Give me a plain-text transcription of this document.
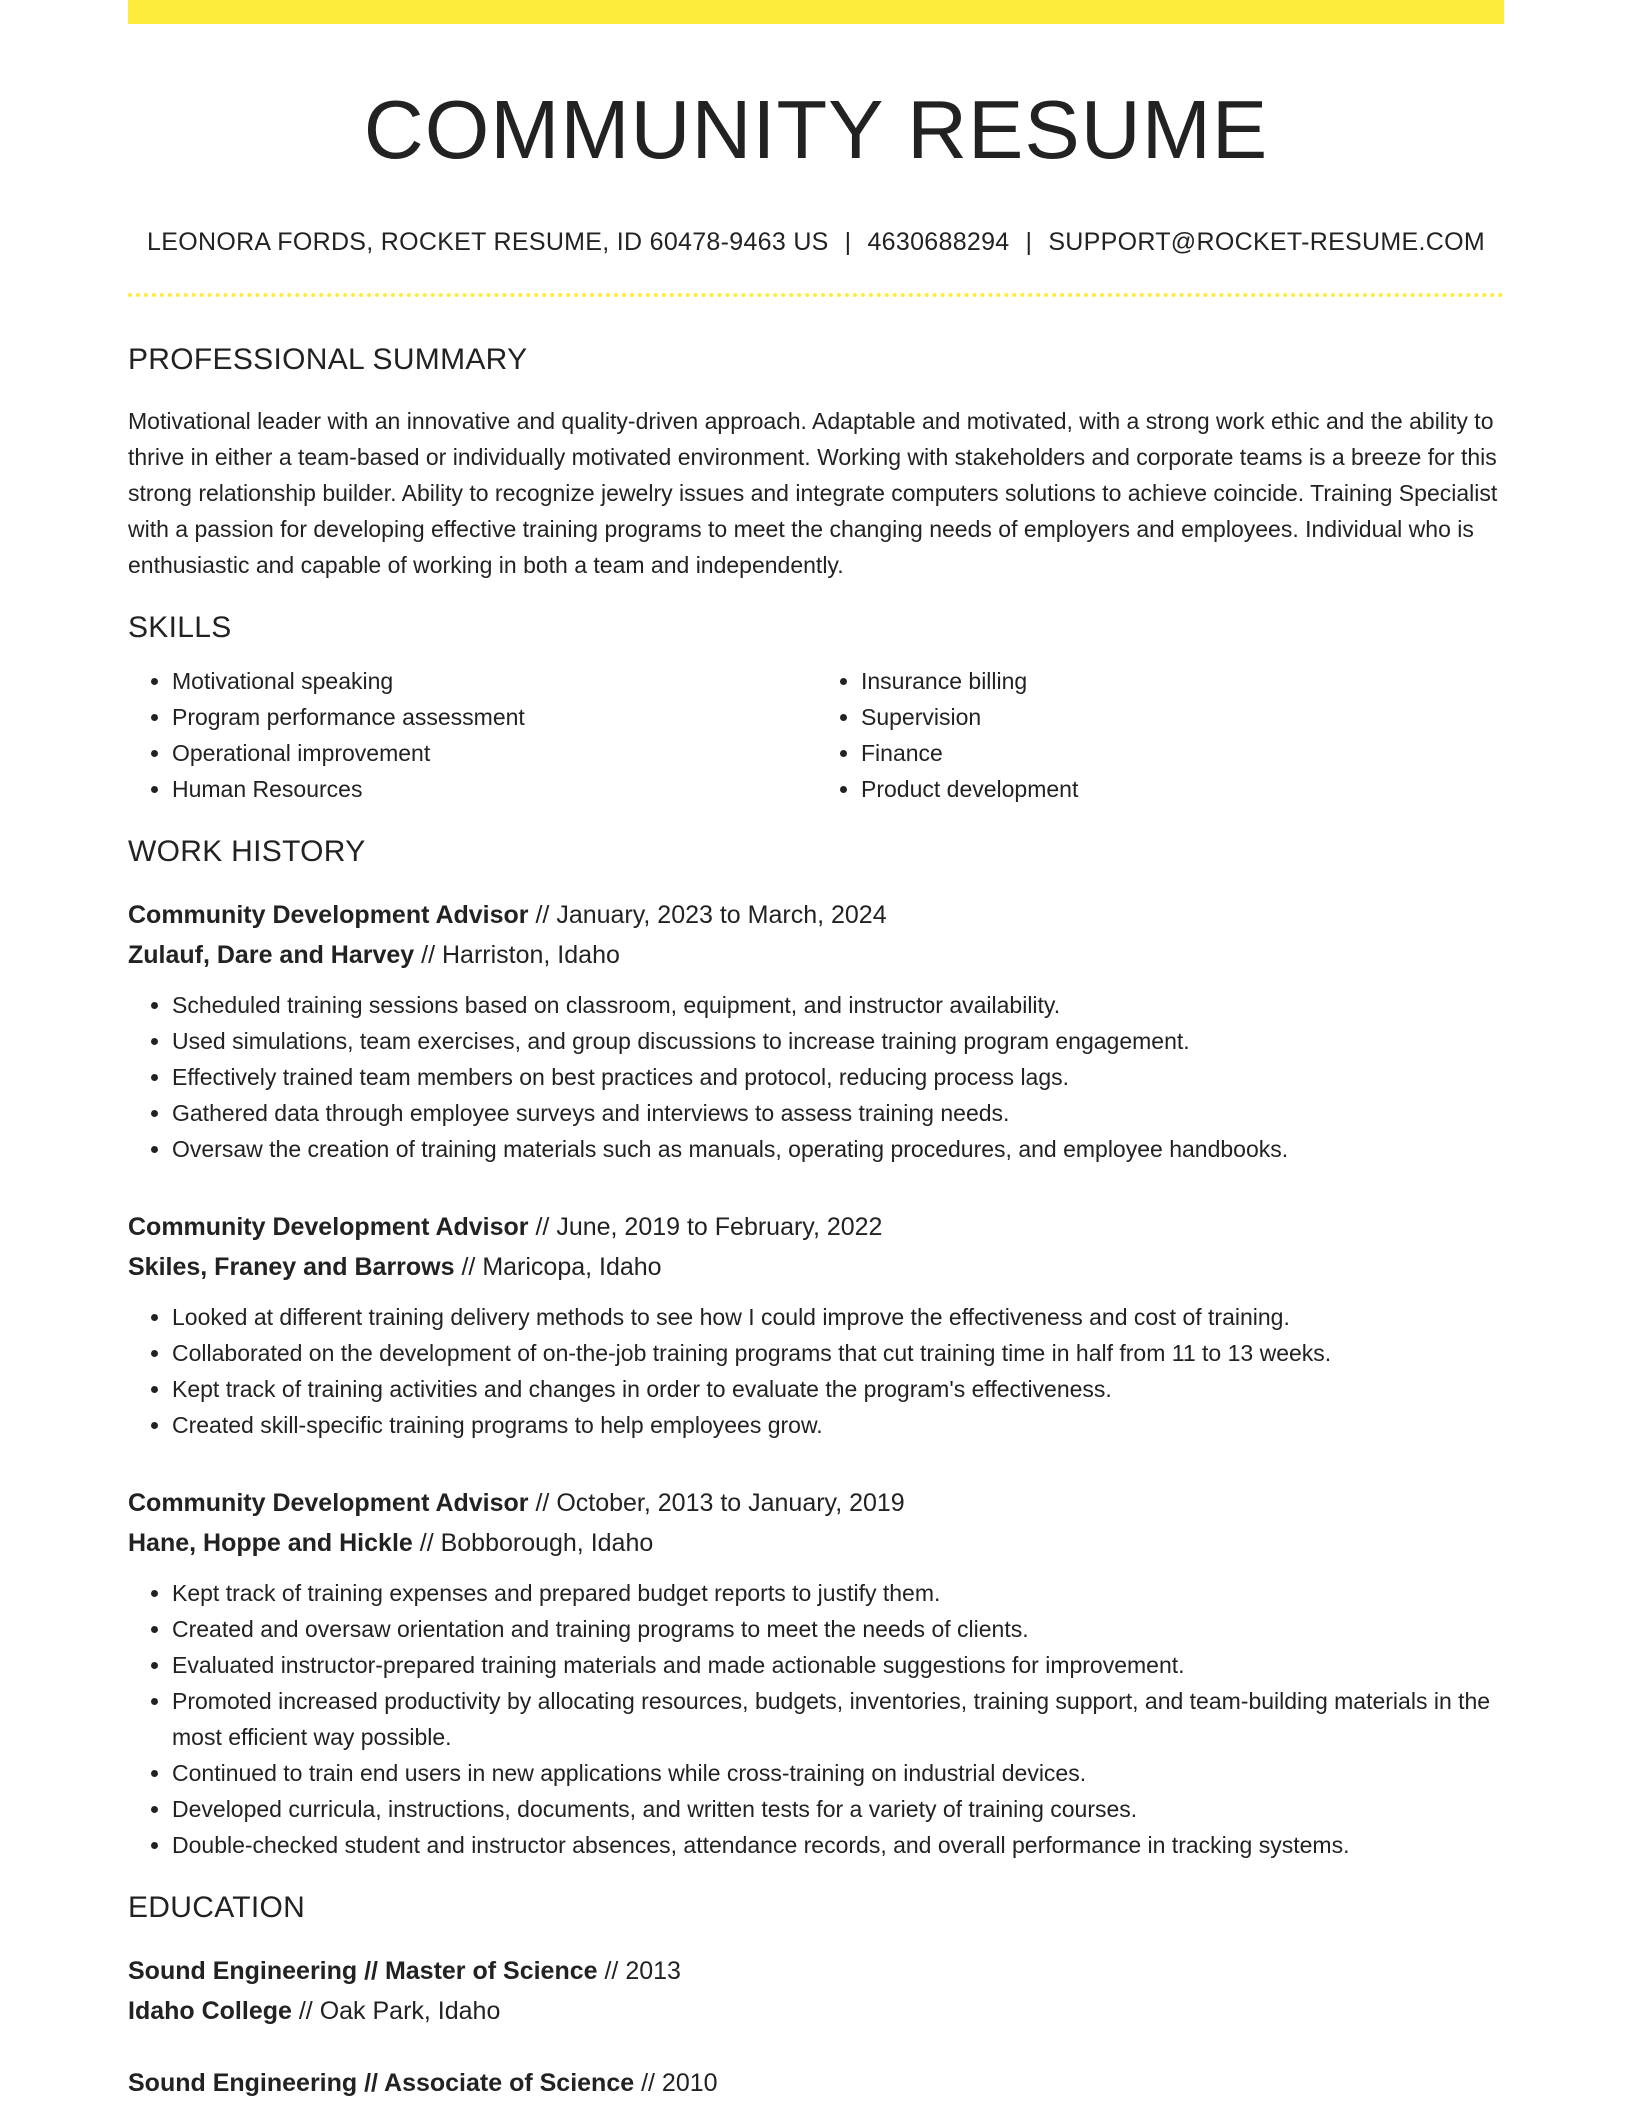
COMMUNITY RESUME
LEONORA FORDS, ROCKET RESUME, ID 60478-9463 US | 4630688294 | SUPPORT@ROCKET-RESUME.COM
PROFESSIONAL SUMMARY
Motivational leader with an innovative and quality-driven approach. Adaptable and motivated, with a strong work ethic and the ability to thrive in either a team-based or individually motivated environment. Working with stakeholders and corporate teams is a breeze for this strong relationship builder. Ability to recognize jewelry issues and integrate computers solutions to achieve coincide. Training Specialist with a passion for developing effective training programs to meet the changing needs of employers and employees. Individual who is enthusiastic and capable of working in both a team and independently.
SKILLS
• Motivational speaking
• Program performance assessment
• Operational improvement
• Human Resources
• Insurance billing
• Supervision
• Finance
• Product development
WORK HISTORY
Community Development Advisor // January, 2023 to March, 2024
Zulauf, Dare and Harvey // Harriston, Idaho
• Scheduled training sessions based on classroom, equipment, and instructor availability.
• Used simulations, team exercises, and group discussions to increase training program engagement.
• Effectively trained team members on best practices and protocol, reducing process lags.
• Gathered data through employee surveys and interviews to assess training needs.
• Oversaw the creation of training materials such as manuals, operating procedures, and employee handbooks.
Community Development Advisor // June, 2019 to February, 2022
Skiles, Franey and Barrows // Maricopa, Idaho
• Looked at different training delivery methods to see how I could improve the effectiveness and cost of training.
• Collaborated on the development of on-the-job training programs that cut training time in half from 11 to 13 weeks.
• Kept track of training activities and changes in order to evaluate the program's effectiveness.
• Created skill-specific training programs to help employees grow.
Community Development Advisor // October, 2013 to January, 2019
Hane, Hoppe and Hickle // Bobborough, Idaho
• Kept track of training expenses and prepared budget reports to justify them.
• Created and oversaw orientation and training programs to meet the needs of clients.
• Evaluated instructor-prepared training materials and made actionable suggestions for improvement.
• Promoted increased productivity by allocating resources, budgets, inventories, training support, and team-building materials in the most efficient way possible.
• Continued to train end users in new applications while cross-training on industrial devices.
• Developed curricula, instructions, documents, and written tests for a variety of training courses.
• Double-checked student and instructor absences, attendance records, and overall performance in tracking systems.
EDUCATION
Sound Engineering // Master of Science // 2013
Idaho College // Oak Park, Idaho
Sound Engineering // Associate of Science // 2010
